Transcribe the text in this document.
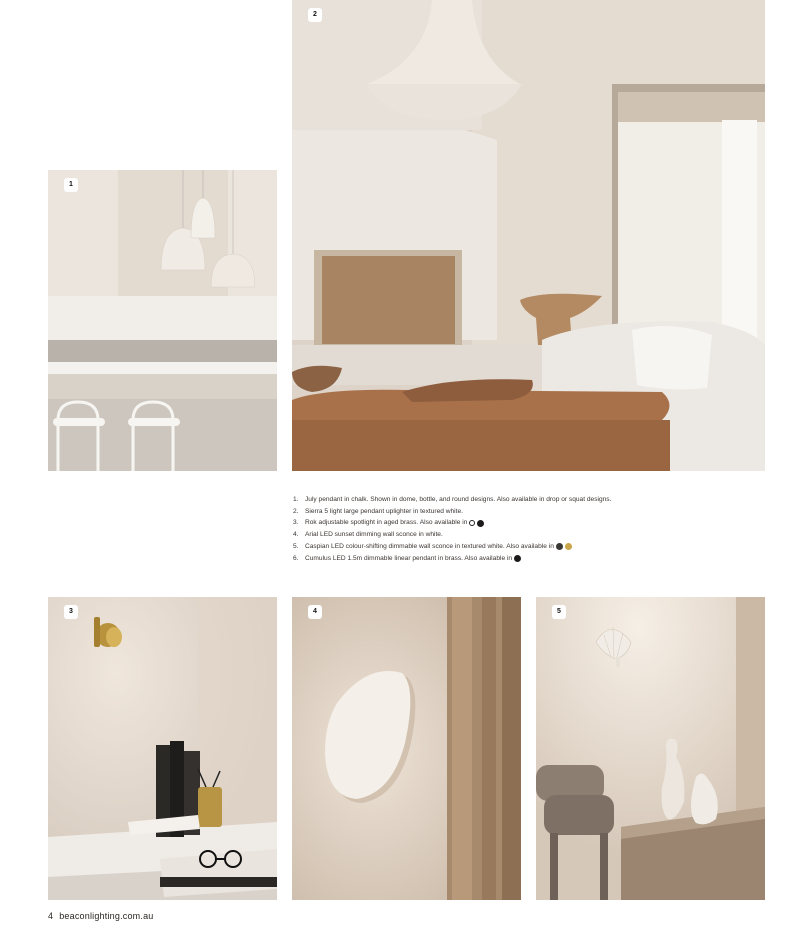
1
2
1. July pendant in chalk. Shown in dome, bottle, and round designs. Also available in drop or squat designs.
2. Sierra 5 light large pendant uplighter in textured white.
3. Rok adjustable spotlight in aged brass. Also available in
4. Arial LED sunset dimming wall sconce in white.
5. Caspian LED colour-shifting dimmable wall sconce in textured white. Also available in
6. Cumulus LED 1.5m dimmable linear pendant in brass. Also available in
3	4	5
4 beaconlighting.com.au
